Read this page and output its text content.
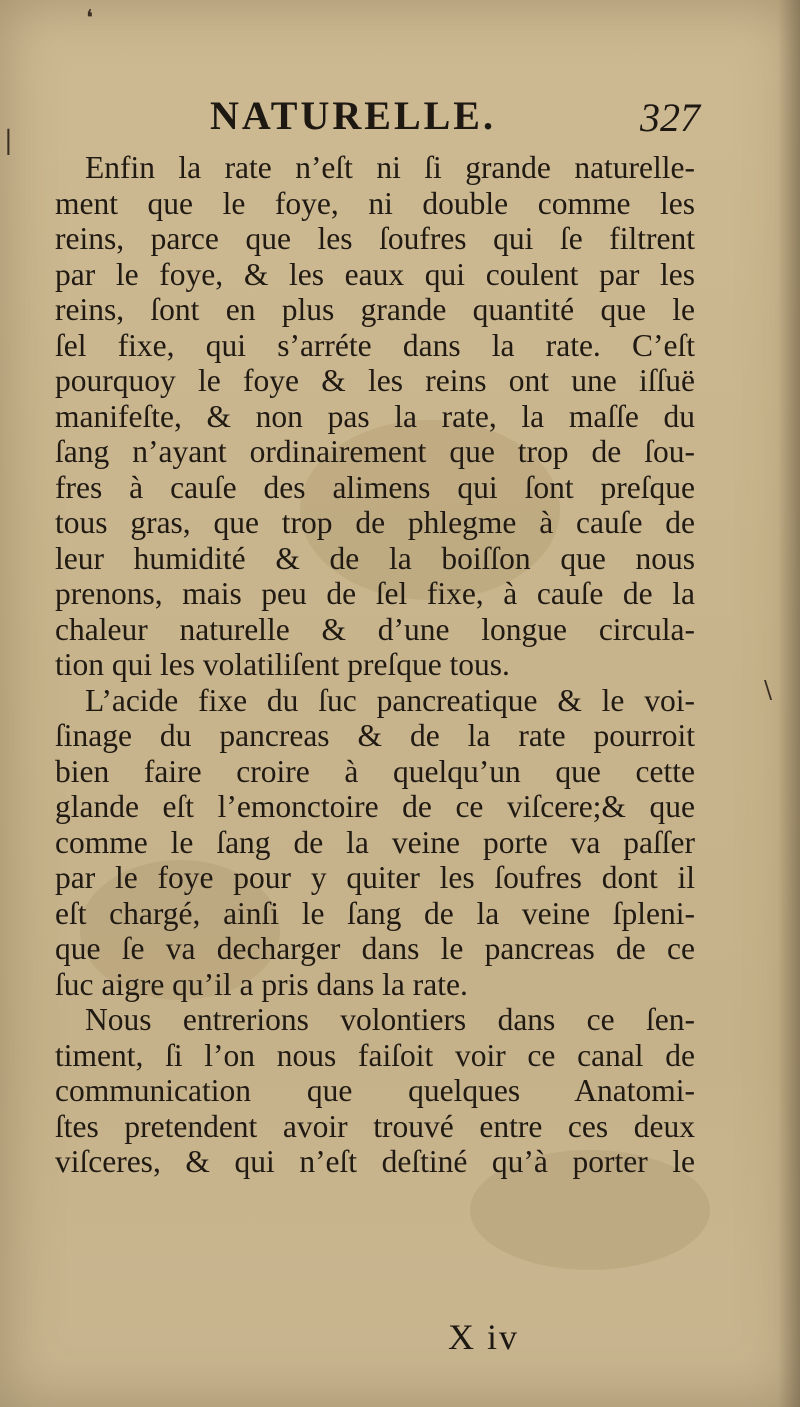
❛
|
\
NATURELLE.	327
Enfin la rate n’eſt ni ſi grande naturelle-
ment que le foye, ni double comme les
reins, parce que les ſoufres qui ſe filtrent
par le foye, & les eaux qui coulent par les
reins, ſont en plus grande quantité que le
ſel fixe, qui s’arréte dans la rate. C’eſt
pourquoy le foye & les reins ont une iſſuë
manifeſte, & non pas la rate, la maſſe du
ſang n’ayant ordinairement que trop de ſou-
fres à cauſe des alimens qui ſont preſque
tous gras, que trop de phlegme à cauſe de
leur humidité & de la boiſſon que nous
prenons, mais peu de ſel fixe, à cauſe de la
chaleur naturelle & d’une longue circula-
tion qui les volatiliſent preſque tous.
L’acide fixe du ſuc pancreatique & le voi-
ſinage du pancreas & de la rate pourroit
bien faire croire à quelqu’un que cette
glande eſt l’emonctoire de ce viſcere;& que
comme le ſang de la veine porte va paſſer
par le foye pour y quiter les ſoufres dont il
eſt chargé, ainſi le ſang de la veine ſpleni-
que ſe va decharger dans le pancreas de ce
ſuc aigre qu’il a pris dans la rate.
Nous entrerions volontiers dans ce ſen-
timent, ſi l’on nous faiſoit voir ce canal de
communication que quelques Anatomi-
ſtes pretendent avoir trouvé entre ces deux
viſceres, & qui n’eſt deſtiné qu’à porter le
X iv
